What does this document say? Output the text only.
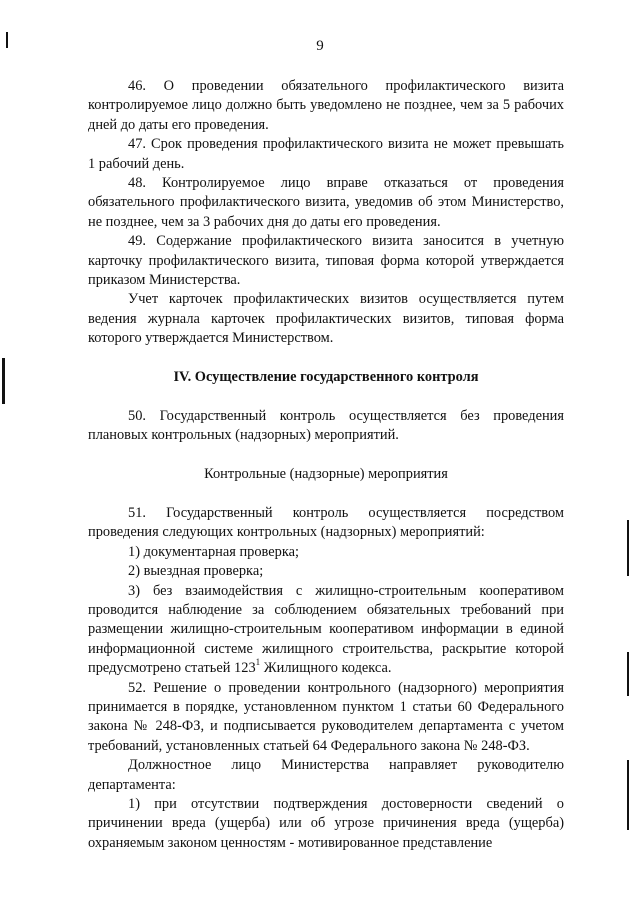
9

46. О проведении обязательного профилактического визита контролируемое лицо должно быть уведомлено не позднее, чем за 5 рабочих дней до даты его проведения.

47. Срок проведения профилактического визита не может превышать 1 рабочий день.

48. Контролируемое лицо вправе отказаться от проведения обязательного профилактического визита, уведомив об этом Министерство, не позднее, чем за 3 рабочих дня до даты его проведения.

49. Содержание профилактического визита заносится в учетную карточку профилактического визита, типовая форма которой утверждается приказом Министерства.

Учет карточек профилактических визитов осуществляется путем ведения журнала карточек профилактических визитов, типовая форма которого утверждается Министерством.

IV. Осуществление государственного контроля

50. Государственный контроль осуществляется без проведения плановых контрольных (надзорных) мероприятий.

Контрольные (надзорные) мероприятия

51. Государственный контроль осуществляется посредством проведения следующих контрольных (надзорных) мероприятий:

1) документарная проверка;

2) выездная проверка;

3) без взаимодействия с жилищно-строительным кооперативом проводится наблюдение за соблюдением обязательных требований при размещении жилищно-строительным кооперативом информации в единой информационной системе жилищного строительства, раскрытие которой предусмотрено статьей $123^1$ Жилищного кодекса.

52. Решение о проведении контрольного (надзорного) мероприятия принимается в порядке, установленном пунктом 1 статьи 60 Федерального закона № 248-ФЗ, и подписывается руководителем департамента с учетом требований, установленных статьей 64 Федерального закона № 248-ФЗ.

Должностное лицо Министерства направляет руководителю департамента:

1) при отсутствии подтверждения достоверности сведений о причинении вреда (ущерба) или об угрозе причинения вреда (ущерба) охраняемым законом ценностям - мотивированное представление
